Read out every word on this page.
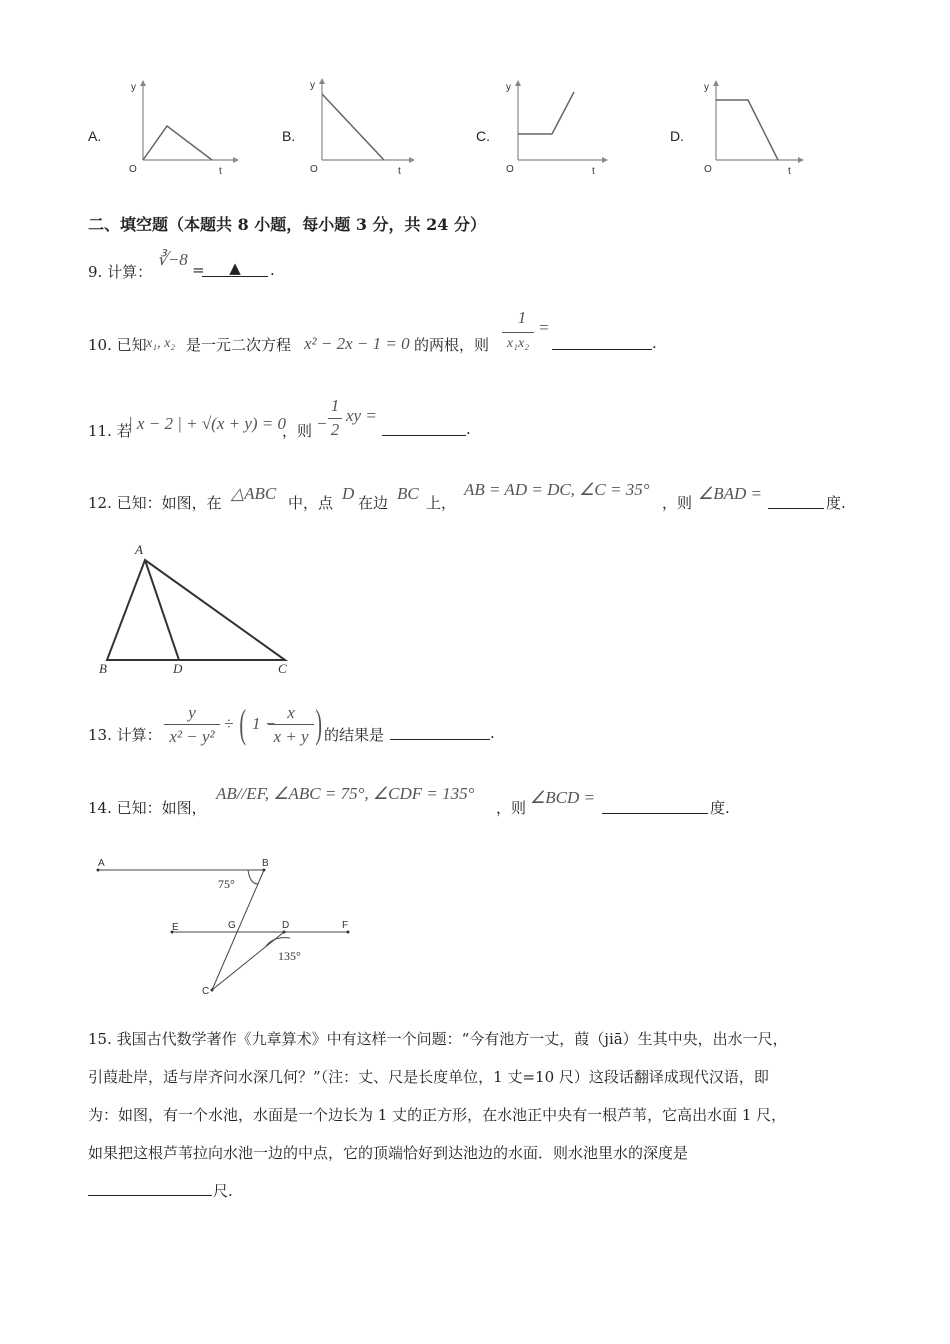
A.
y
O	t
B.
y
O	t
C.
y
O	t
D.
y
O	t
二、填空题（本题共 8 小题，每小题 3 分，共 24 分）
9. 计算：
∛−8
=	▲	.
10. 已知 x₁, x₂ 是一元二次方程 x² − 2x − 1 = 0 的两根，则
1
x₁x₂
=
.
11. 若
| x − 2 | + √(x + y) = 0
，则 −
1
2
xy =
.
12. 已知：如图，在 △ABC 中，点 D 在边 BC 上，
AB = AD = DC, ∠C = 35°
，则 ∠BAD =	度.
A
B	D	C
13. 计算：
y
x² − y²
÷ ( 1 −
x
x + y ) 的结果是	.
14. 已知：如图，
AB//EF, ∠ABC = 75°, ∠CDF = 135°
，则
∠BCD =
度.
A	B
E	G	D	F
C
75°
135°
15. 我国古代数学著作《九章算术》中有这样一个问题：“今有池方一丈，葭（jiā）生其中央，出水一尺，
引葭赴岸，适与岸齐问水深几何？”（注：丈、尺是长度单位，1 丈=10 尺）这段话翻译成现代汉语，即
为：如图，有一个水池，水面是一个边长为 1 丈的正方形，在水池正中央有一根芦苇，它高出水面 1 尺，
如果把这根芦苇拉向水池一边的中点，它的顶端恰好到达池边的水面．则水池里水的深度是
尺.
